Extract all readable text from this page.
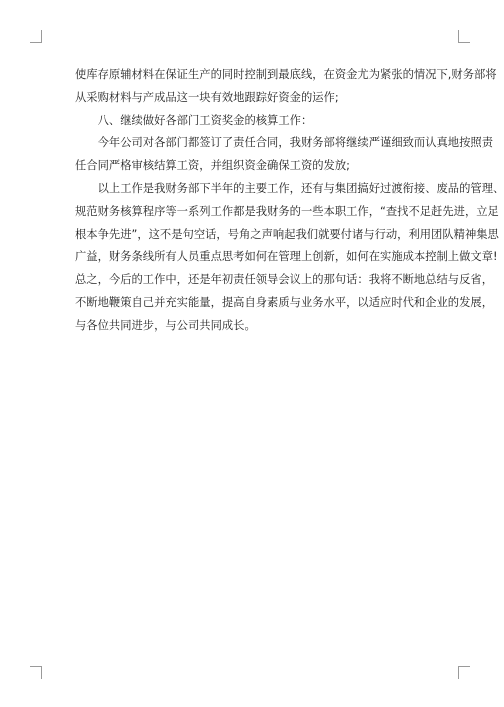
使库存原辅材料在保证生产的同时控制到最底线，在资金尤为紧张的情况下,财务部将
从采购材料与产成品这一块有效地跟踪好资金的运作;
八、继续做好各部门工资奖金的核算工作：
今年公司对各部门都签订了责任合同，我财务部将继续严谨细致而认真地按照责
任合同严格审核结算工资，并组织资金确保工资的发放;
以上工作是我财务部下半年的主要工作，还有与集团搞好过渡衔接、废品的管理、
规范财务核算程序等一系列工作都是我财务的一些本职工作，“查找不足赶先进，立足
根本争先进”，这不是句空话，号角之声响起我们就要付诸与行动，利用团队精神集思
广益，财务条线所有人员重点思考如何在管理上创新，如何在实施成本控制上做文章!
总之，今后的工作中，还是年初责任领导会议上的那句话：我将不断地总结与反省，
不断地鞭策自己并充实能量，提高自身素质与业务水平，以适应时代和企业的发展，
与各位共同进步，与公司共同成长。
